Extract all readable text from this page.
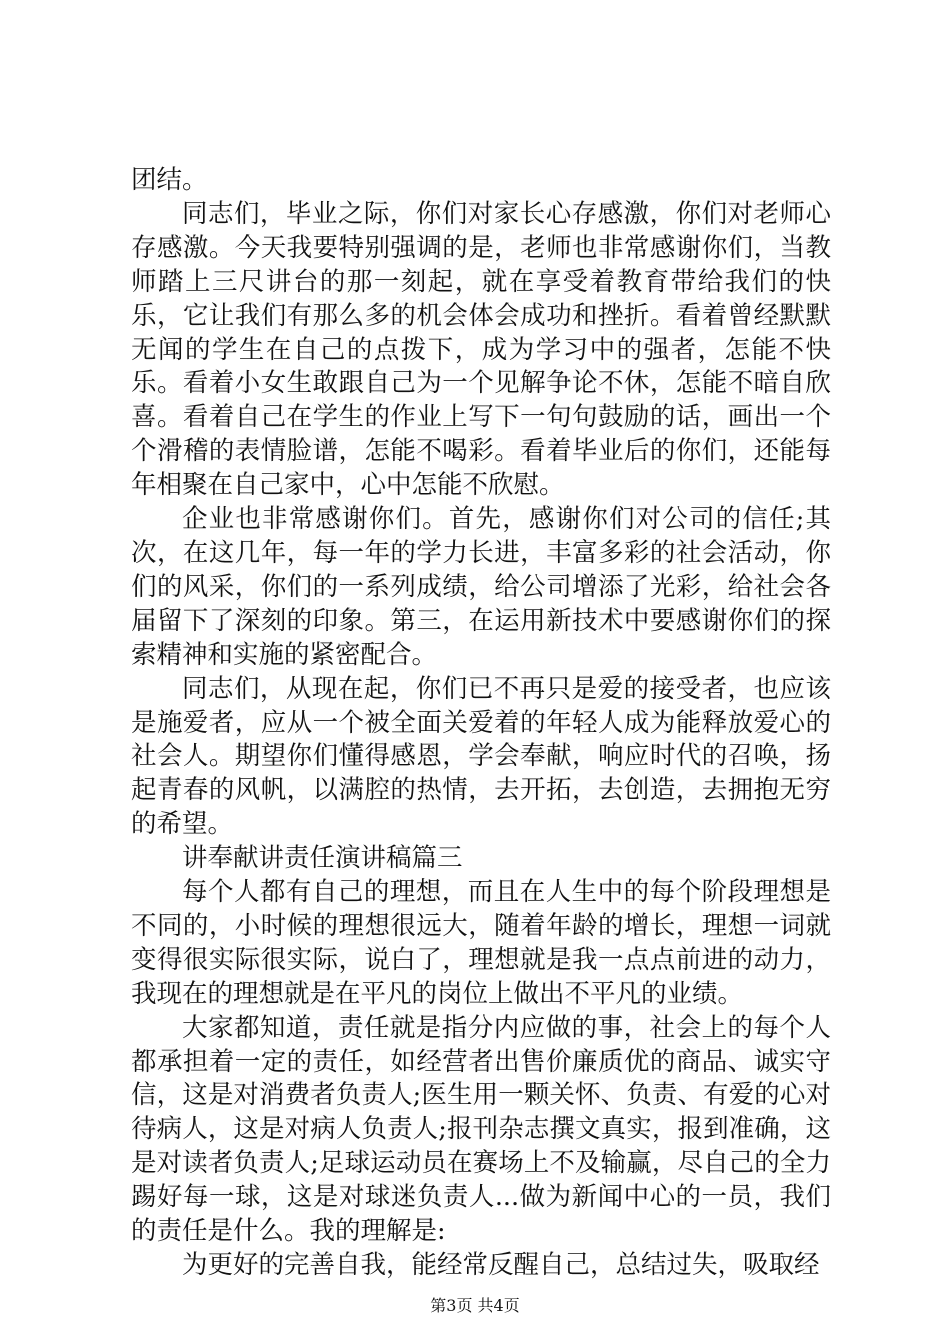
团结。

同志们，毕业之际，你们对家长心存感激，你们对老师心存感激。今天我要特别强调的是，老师也非常感谢你们，当教师踏上三尺讲台的那一刻起，就在享受着教育带给我们的快乐，它让我们有那么多的机会体会成功和挫折。看着曾经默默无闻的学生在自己的点拨下，成为学习中的强者，怎能不快乐。看着小女生敢跟自己为一个见解争论不休，怎能不暗自欣喜。看着自己在学生的作业上写下一句句鼓励的话，画出一个个滑稽的表情脸谱，怎能不喝彩。看着毕业后的你们，还能每年相聚在自己家中，心中怎能不欣慰。

企业也非常感谢你们。首先，感谢你们对公司的信任;其次，在这几年，每一年的学力长进，丰富多彩的社会活动，你们的风采，你们的一系列成绩，给公司增添了光彩，给社会各届留下了深刻的印象。第三，在运用新技术中要感谢你们的探索精神和实施的紧密配合。

同志们，从现在起，你们已不再只是爱的接受者，也应该是施爱者，应从一个被全面关爱着的年轻人成为能释放爱心的社会人。期望你们懂得感恩，学会奉献，响应时代的召唤，扬起青春的风帆，以满腔的热情，去开拓，去创造，去拥抱无穷的希望。

讲奉献讲责任演讲稿篇三

每个人都有自己的理想，而且在人生中的每个阶段理想是不同的，小时候的理想很远大，随着年龄的增长，理想一词就变得很实际很实际，说白了，理想就是我一点点前进的动力，我现在的理想就是在平凡的岗位上做出不平凡的业绩。

大家都知道，责任就是指分内应做的事，社会上的每个人都承担着一定的责任，如经营者出售价廉质优的商品、诚实守信，这是对消费者负责人;医生用一颗关怀、负责、有爱的心对待病人，这是对病人负责人;报刊杂志撰文真实，报到准确，这是对读者负责人;足球运动员在赛场上不及输赢，尽自己的全力踢好每一球，这是对球迷负责人...做为新闻中心的一员，我们的责任是什么。我的理解是:

为更好的完善自我，能经常反醒自己，总结过失，吸取经

第3页 共4页
